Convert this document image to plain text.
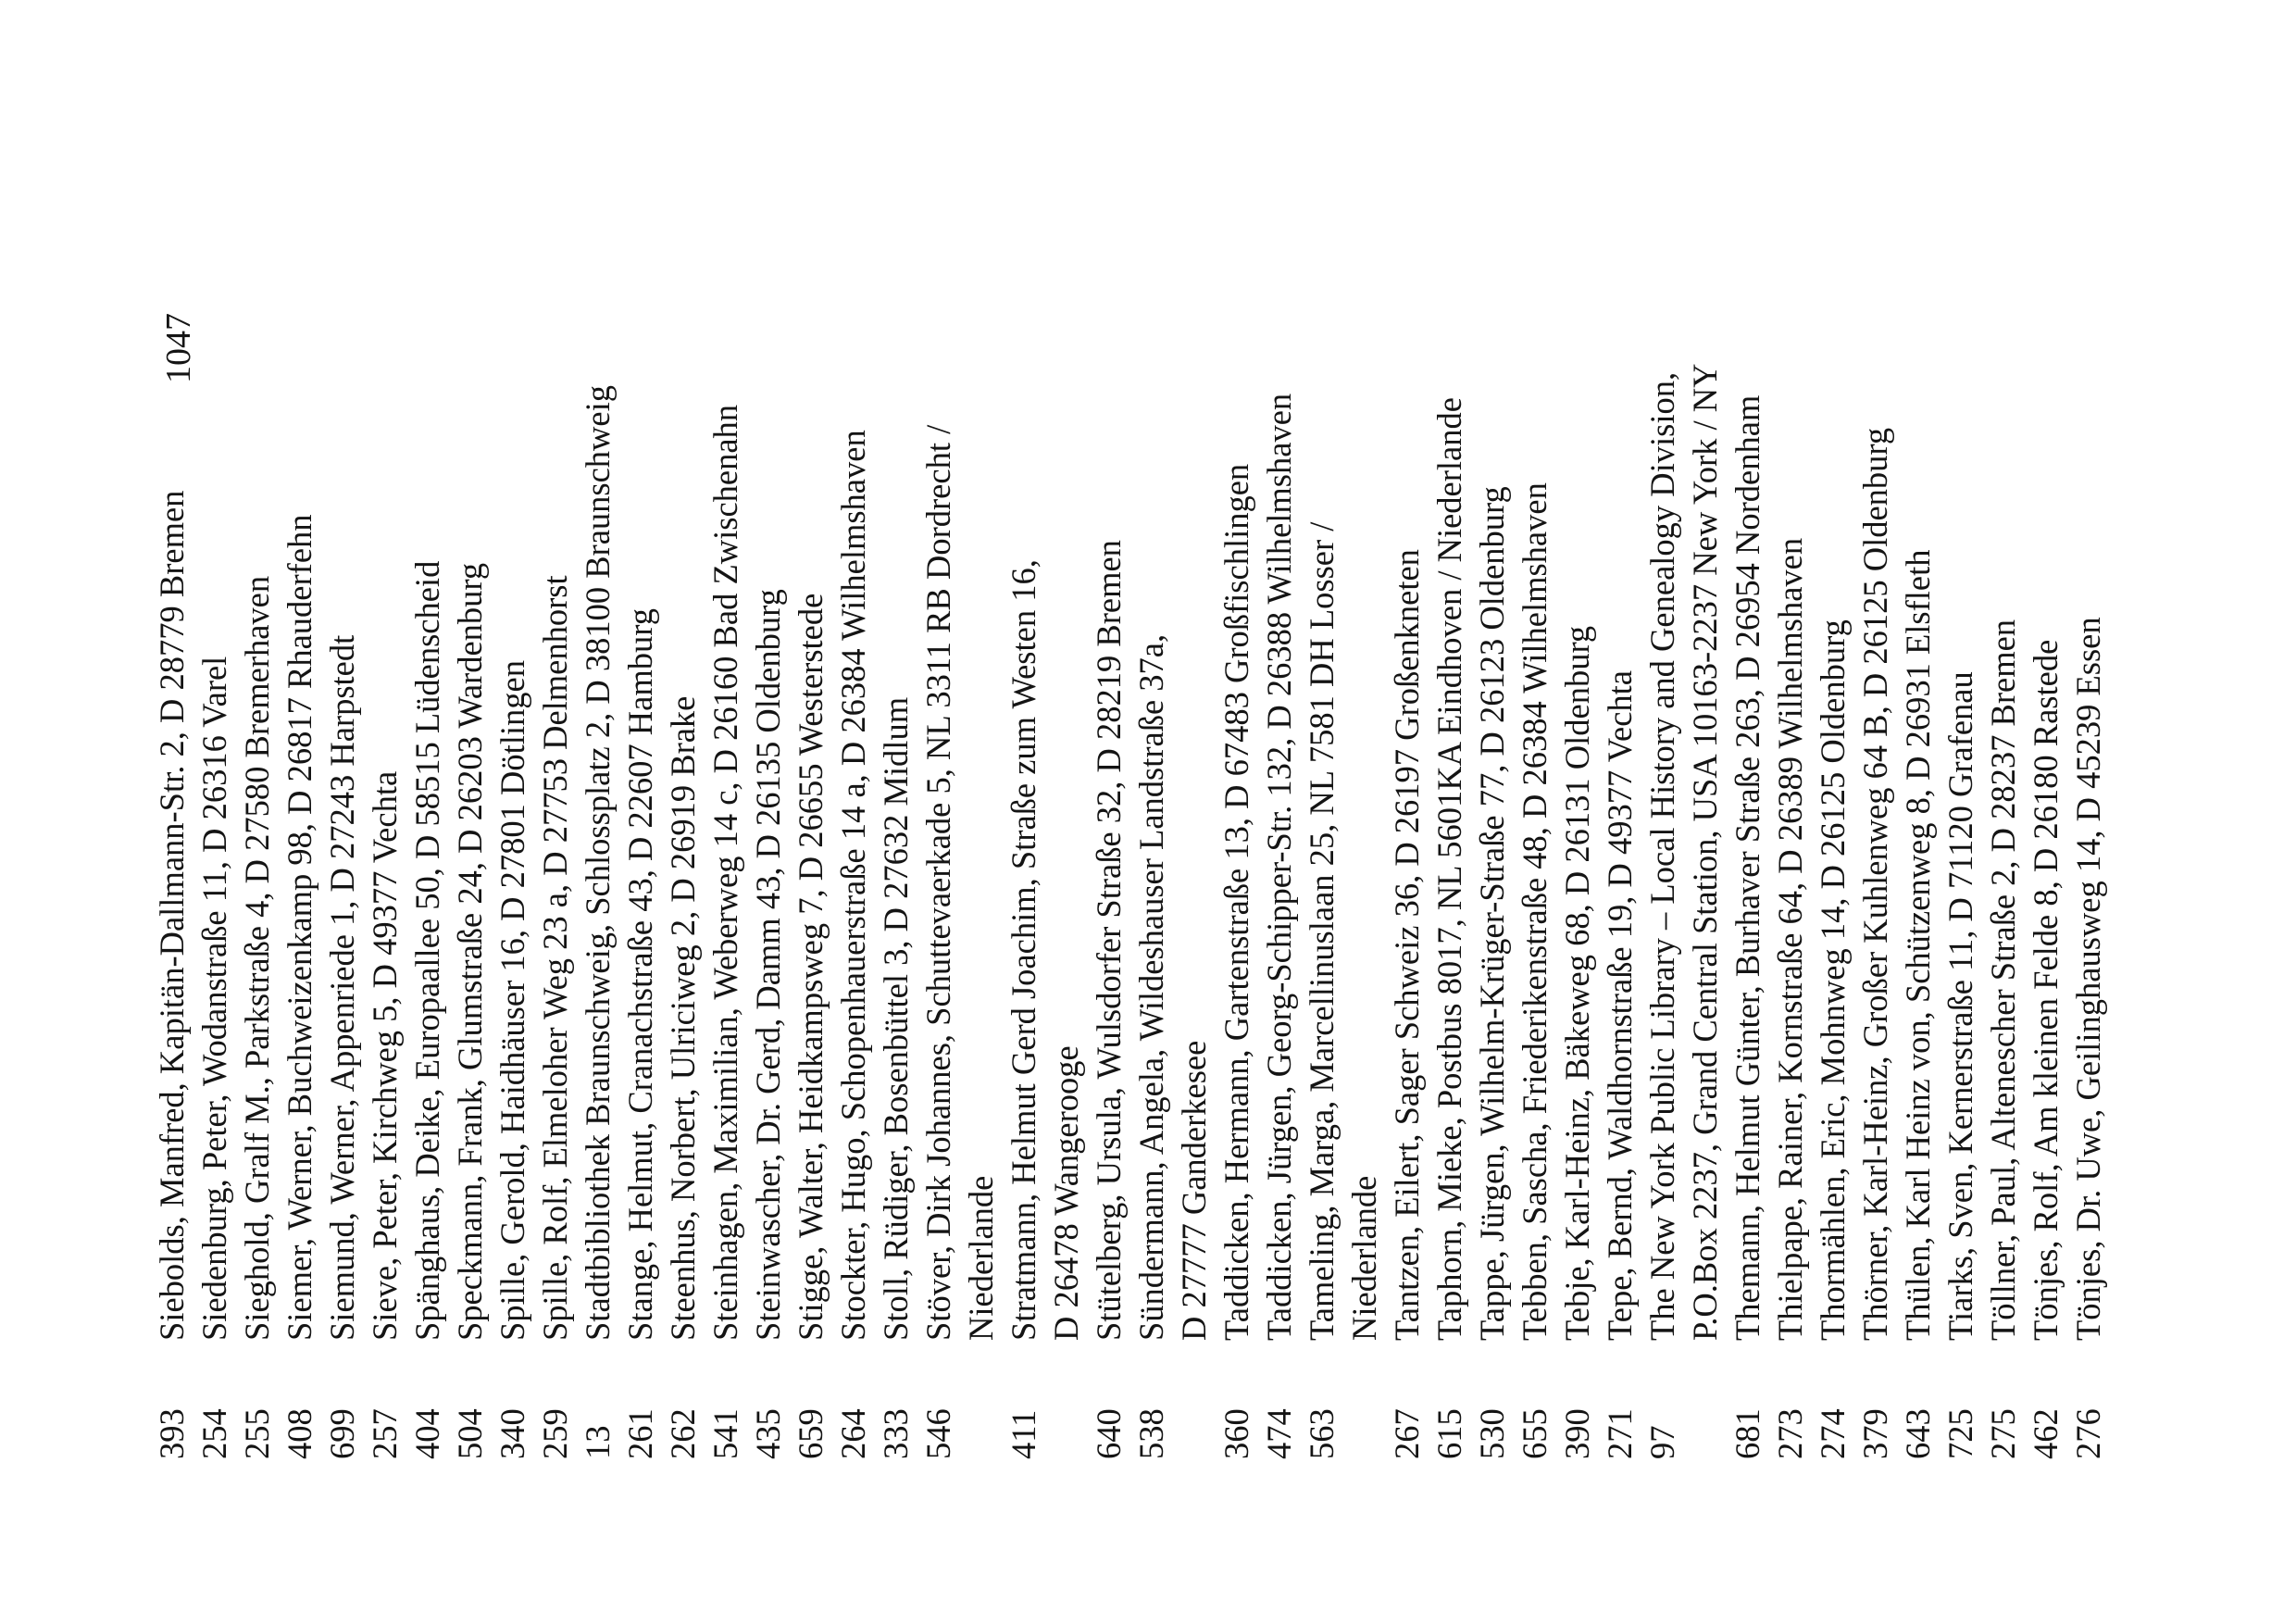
393
Siebolds, Manfred, Kapitän-Dallmann-Str. 2, D 28779 Bremen
254
Siedenburg, Peter, Wodanstraße 11, D 26316 Varel
255
Sieghold, Gralf M., Parkstraße 4, D 27580 Bremerhaven
408
Siemer, Werner, Buchweizenkamp 98, D 26817 Rhauderfehn
699
Siemund, Werner, Appenriede 1, D 27243 Harpstedt
257
Sieve, Peter, Kirchweg 5, D 49377 Vechta
404
Spänghaus, Deike, Europaallee 50, D 58515 Lüdenscheid
504
Speckmann, Frank, Glumstraße 24, D 26203 Wardenburg
340
Spille, Gerold, Haidhäuser 16, D 27801 Dötlingen
259
Spille, Rolf, Elmeloher Weg 23 a, D 27753 Delmenhorst
13
Stadtbibliothek Braunschweig, Schlossplatz 2, D 38100 Braunschweig
261
Stange, Helmut, Cranachstraße 43, D 22607 Hamburg
262
Steenhus, Norbert, Ulriciweg 2, D 26919 Brake
541
Steinhagen, Maximilian, Weberweg 14 c, D 26160 Bad Zwischenahn
435
Steinwascher, Dr. Gerd, Damm 43, D 26135 Oldenburg
659
Stigge, Walter, Heidkampsweg 7, D 26655 Westerstede
264
Stockter, Hugo, Schopenhauerstraße 14 a, D 26384 Wilhelmshaven
333
Stoll, Rüdiger, Bosenbüttel 3, D 27632 Midlum
546
Stöver, Dirk Johannes, Schuttevaerkade 5, NL 3311 RB Dordrecht / Niederlande
411
Stratmann, Helmut Gerd Joachim, Straße zum Westen 16, D 26478 Wangerooge
640
Stütelberg, Ursula, Wulsdorfer Straße 32, D 28219 Bremen
538
Sündermann, Angela, Wildeshauser Landstraße 37a, D 27777 Ganderkesee
360
Taddicken, Hermann, Gartenstraße 13, D 67483 Großfischlingen
474
Taddicken, Jürgen, Georg-Schipper-Str. 132, D 26388 Wilhelmshaven
563
Tameling, Marga, Marcellinuslaan 25, NL 7581 DH Losser / Niederlande
267
Tantzen, Eilert, Sager Schweiz 36, D 26197 Großenkneten
615
Taphorn, Mieke, Postbus 8017, NL 5601KA Eindhoven / Niederlande
530
Tappe, Jürgen, Wilhelm-Krüger-Straße 77, D 26123 Oldenburg
655
Tebben, Sascha, Friederikenstraße 48, D 26384 Wilhelmshaven
390
Tebje, Karl-Heinz, Bäkeweg 68, D 26131 Oldenburg
271
Tepe, Bernd, Waldhornstraße 19, D 49377 Vechta
97
The New York Public Library – Local History and Genealogy Division, P.O.Box 2237, Grand Central Station, USA 10163-2237 New York / NY
681
Themann, Helmut Günter, Burhaver Straße 263, D 26954 Nordenham
273
Thielpape, Rainer, Kornstraße 64, D 26389 Wilhelmshaven
274
Thormählen, Eric, Mohnweg 14, D 26125 Oldenburg
379
Thörner, Karl-Heinz, Großer Kuhlenweg 64 B, D 26125 Oldenburg
643
Thülen, Karl Heinz von, Schützenweg 8, D 26931 Elsfleth
725
Tiarks, Sven, Kernerstraße 11, D 71120 Grafenau
275
Töllner, Paul, Altenescher Straße 2, D 28237 Bremen
462
Tönjes, Rolf, Am kleinen Felde 8, D 26180 Rastede
276
Tönjes, Dr. Uwe, Geilinghausweg 14, D 45239 Essen
1047
